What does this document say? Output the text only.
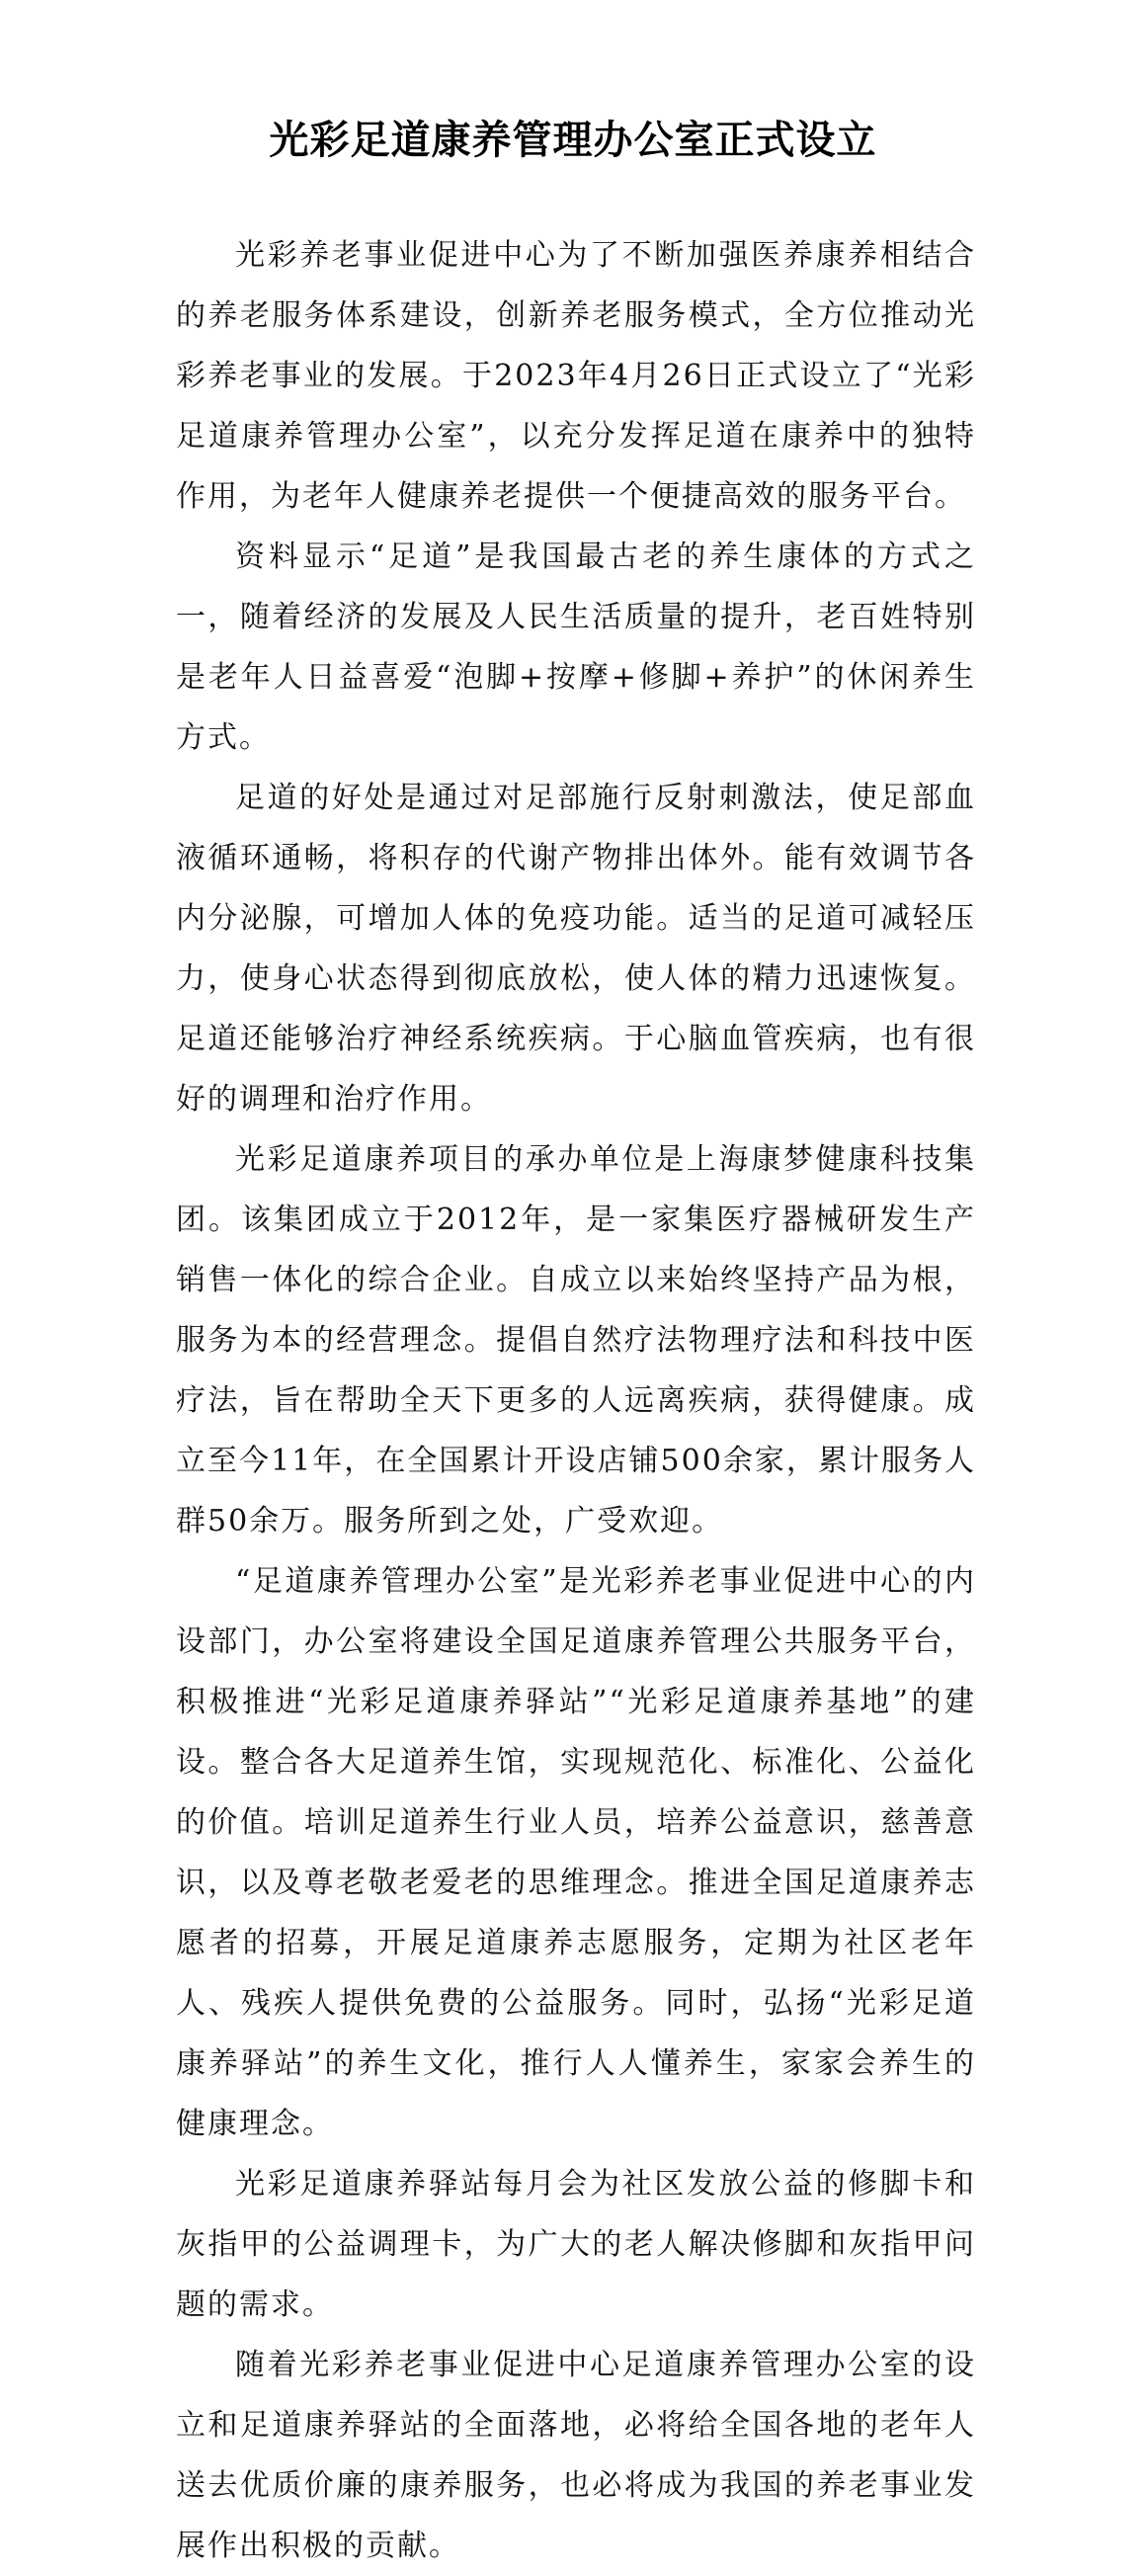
光彩足道康养管理办公室正式设立

光彩养老事业促进中心为了不断加强医养康养相结合的养老服务体系建设，创新养老服务模式，全方位推动光彩养老事业的发展。于2023年4月26日正式设立了“光彩足道康养管理办公室”，以充分发挥足道在康养中的独特作用，为老年人健康养老提供一个便捷高效的服务平台。

资料显示“足道”是我国最古老的养生康体的方式之一，随着经济的发展及人民生活质量的提升，老百姓特别是老年人日益喜爱“泡脚+按摩+修脚+养护”的休闲养生方式。

足道的好处是通过对足部施行反射刺激法，使足部血液循环通畅，将积存的代谢产物排出体外。能有效调节各内分泌腺，可增加人体的免疫功能。适当的足道可减轻压力，使身心状态得到彻底放松，使人体的精力迅速恢复。足道还能够治疗神经系统疾病。于心脑血管疾病，也有很好的调理和治疗作用。

光彩足道康养项目的承办单位是上海康梦健康科技集团。该集团成立于2012年，是一家集医疗器械研发生产销售一体化的综合企业。自成立以来始终坚持产品为根，服务为本的经营理念。提倡自然疗法物理疗法和科技中医疗法，旨在帮助全天下更多的人远离疾病，获得健康。成立至今11年，在全国累计开设店铺500余家，累计服务人群50余万。服务所到之处，广受欢迎。

“足道康养管理办公室”是光彩养老事业促进中心的内设部门，办公室将建设全国足道康养管理公共服务平台，积极推进“光彩足道康养驿站”“光彩足道康养基地”的建设。整合各大足道养生馆，实现规范化、标准化、公益化的价值。培训足道养生行业人员，培养公益意识，慈善意识，以及尊老敬老爱老的思维理念。推进全国足道康养志愿者的招募，开展足道康养志愿服务，定期为社区老年人、残疾人提供免费的公益服务。同时，弘扬“光彩足道康养驿站”的养生文化，推行人人懂养生，家家会养生的健康理念。

光彩足道康养驿站每月会为社区发放公益的修脚卡和灰指甲的公益调理卡，为广大的老人解决修脚和灰指甲问题的需求。

随着光彩养老事业促进中心足道康养管理办公室的设立和足道康养驿站的全面落地，必将给全国各地的老年人送去优质价廉的康养服务，也必将成为我国的养老事业发展作出积极的贡献。
